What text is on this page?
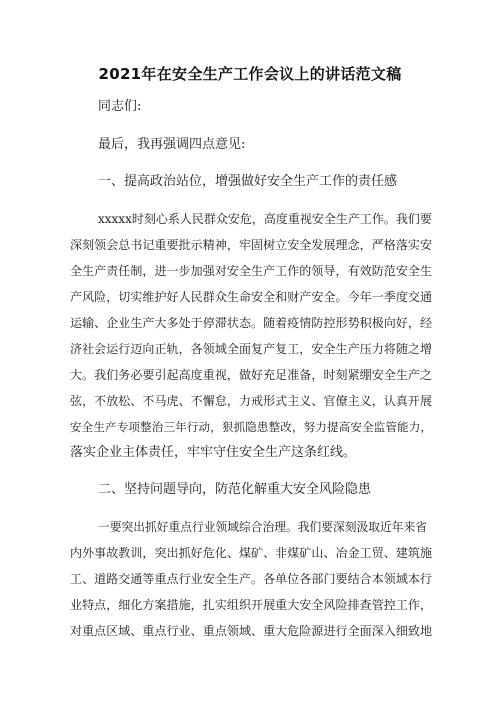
2021年在安全生产工作会议上的讲话范文稿
同志们:
最后，我再强调四点意见:
一、提高政治站位，增强做好安全生产工作的责任感
xxxxx时刻心系人民群众安危，高度重视安全生产工作。我们要
深刻领会总书记重要批示精神，牢固树立安全发展理念，严格落实安
全生产责任制，进一步加强对安全生产工作的领导，有效防范安全生
产风险，切实维护好人民群众生命安全和财产安全。今年一季度交通
运输、企业生产大多处于停滞状态。随着疫情防控形势积极向好，经
济社会运行迈向正轨，各领域全面复产复工，安全生产压力将随之增
大。我们务必要引起高度重视，做好充足准备，时刻紧绷安全生产之
弦，不放松、不马虎、不懈怠，力戒形式主义、官僚主义，认真开展
安全生产专项整治三年行动，狠抓隐患整改，努力提高安全监管能力，
落实企业主体责任，牢牢守住安全生产这条红线。
二、坚持问题导向，防范化解重大安全风险隐患
一要突出抓好重点行业领域综合治理。我们要深刻汲取近年来省
内外事故教训，突出抓好危化、煤矿、非煤矿山、冶金工贸、建筑施
工、道路交通等重点行业安全生产。各单位各部门要结合本领域本行
业特点，细化方案措施，扎实组织开展重大安全风险排查管控工作，
对重点区域、重点行业、重点领域、重大危险源进行全面深入细致地
